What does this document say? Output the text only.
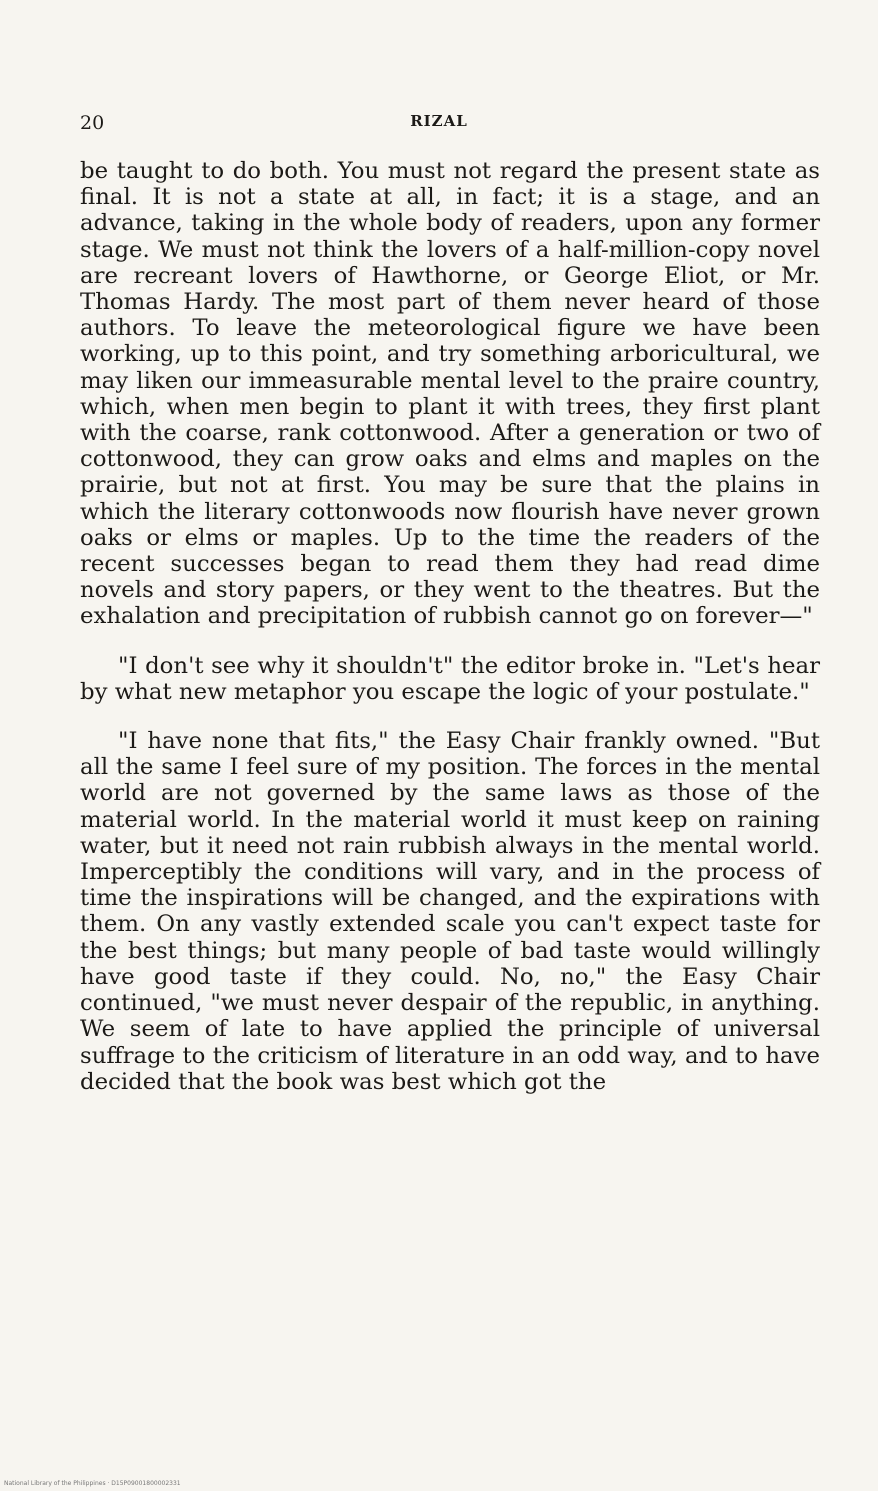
20	RIZAL

be taught to do both. You must not regard the present state as final. It is not a state at all, in fact; it is a stage, and an advance, taking in the whole body of readers, upon any former stage. We must not think the lovers of a half-million-copy novel are recreant lovers of Hawthorne, or George Eliot, or Mr. Thomas Hardy. The most part of them never heard of those authors. To leave the meteorological figure we have been working, up to this point, and try something arboricultural, we may liken our immeasurable mental level to the praire country, which, when men begin to plant it with trees, they first plant with the coarse, rank cottonwood. After a generation or two of cottonwood, they can grow oaks and elms and maples on the prairie, but not at first. You may be sure that the plains in which the literary cottonwoods now flourish have never grown oaks or elms or maples. Up to the time the readers of the recent successes began to read them they had read dime novels and story papers, or they went to the theatres. But the exhalation and precipitation of rubbish cannot go on forever—"

"I don't see why it shouldn't" the editor broke in. "Let's hear by what new metaphor you escape the logic of your postulate."

"I have none that fits," the Easy Chair frankly owned. "But all the same I feel sure of my position. The forces in the mental world are not governed by the same laws as those of the material world. In the material world it must keep on raining water, but it need not rain rubbish always in the mental world. Imperceptibly the conditions will vary, and in the process of time the inspirations will be changed, and the expirations with them. On any vastly extended scale you can't expect taste for the best things; but many people of bad taste would willingly have good taste if they could. No, no," the Easy Chair continued, "we must never despair of the republic, in anything. We seem of late to have applied the principle of universal suffrage to the criticism of literature in an odd way, and to have decided that the book was best which got the

National Library of the Philippines · D15P09001800002331
